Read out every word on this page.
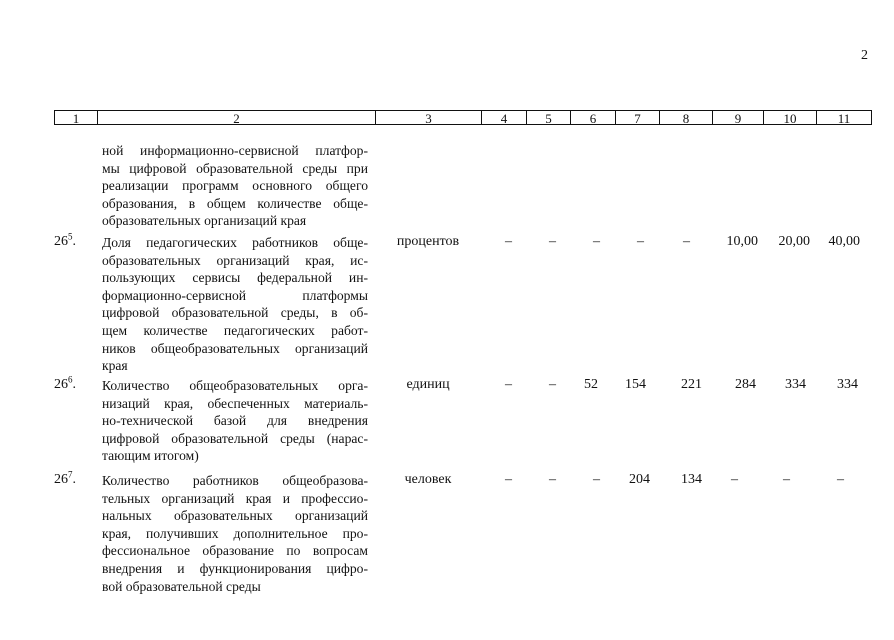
2
1	2	3	4	5	6	7	8	9	10	11
ной информационно-сервисной платфор-
мы цифровой образовательной среды при
реализации программ основного общего
образования, в общем количестве обще-
образовательных организаций края
$26^5$.	Доля педагогических работников обще-
образовательных организаций края, ис-
пользующих сервисы федеральной ин-
формационно-сервисной платформы
цифровой образовательной среды, в об-
щем количестве педагогических работ-
ников общеобразовательных организаций
края
процентов	–	–	–	–	–	10,00	20,00	40,00
$26^6$.	Количество общеобразовательных орга-
низаций края, обеспеченных материаль-
но-технической базой для внедрения
цифровой образовательной среды (нарас-
тающим итогом)
единиц	–	–	52	154	221	284	334	334
$26^7$.	Количество работников общеобразова-
тельных организаций края и профессио-
нальных образовательных организаций
края, получивших дополнительное про-
фессиональное образование по вопросам
внедрения и функционирования цифро-
вой образовательной среды
человек	–	–	–	204	134	–	–	–
